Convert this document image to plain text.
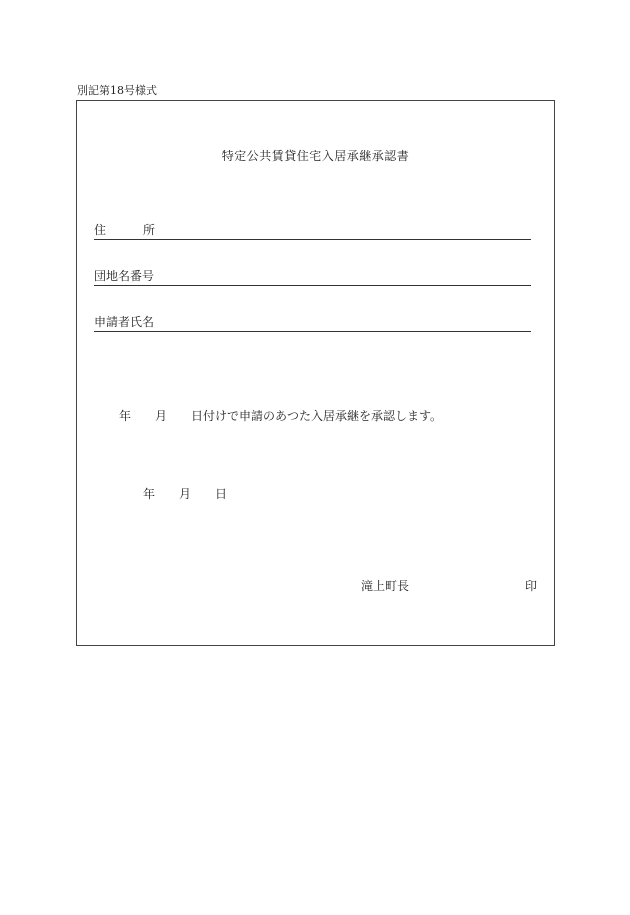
別記第18号様式
特定公共賃貸住宅入居承継承認書
住	所
団地名番号
申請者氏名
年 月 日付けで申請のあつた入居承継を承認します。
年 月 日
滝上町長	印
